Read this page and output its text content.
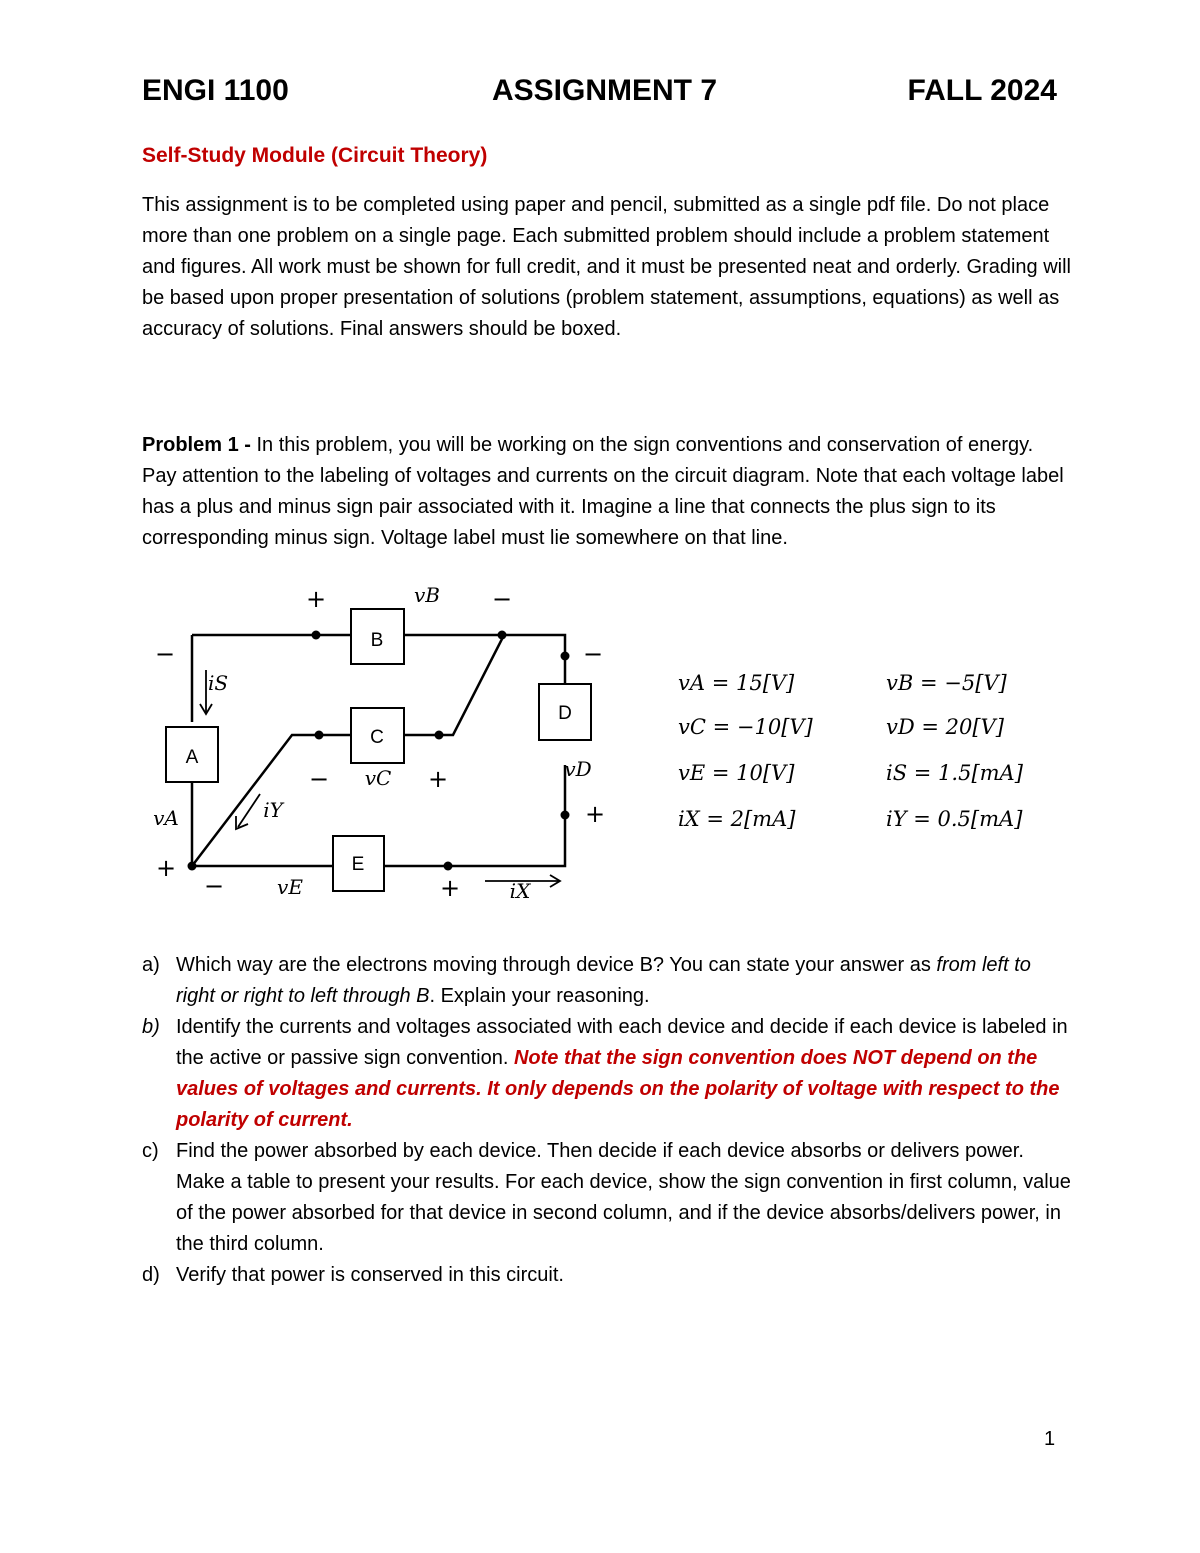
ENGI 1100	ASSIGNMENT 7	FALL 2024
Self-Study Module (Circuit Theory)
This assignment is to be completed using paper and pencil, submitted as a single pdf file. Do not place more than one problem on a single page. Each submitted problem should include a problem statement and figures. All work must be shown for full credit, and it must be presented neat and orderly. Grading will be based upon proper presentation of solutions (problem statement, assumptions, equations) as well as accuracy of solutions. Final answers should be boxed.
Problem 1 - In this problem, you will be working on the sign conventions and conservation of energy. Pay attention to the labeling of voltages and currents on the circuit diagram. Note that each voltage label has a plus and minus sign pair associated with it. Imagine a line that connects the plus sign to its corresponding minus sign. Voltage label must lie somewhere on that line.
A
B
C
D
E
vB
iS
vC	vD
vA	iY
vE	iX
+	−
−	−
−	+
+
+
−	+
vA = 15[V]	vB = −5[V]
vC = −10[V]	vD = 20[V]
vE = 10[V]	iS = 1.5[mA]
iX = 2[mA]	iY = 0.5[mA]
a) Which way are the electrons moving through device B? You can state your answer as from left to right or right to left through B. Explain your reasoning.
b) Identify the currents and voltages associated with each device and decide if each device is labeled in the active or passive sign convention. Note that the sign convention does NOT depend on the values of voltages and currents. It only depends on the polarity of voltage with respect to the polarity of current.
c) Find the power absorbed by each device. Then decide if each device absorbs or delivers power. Make a table to present your results. For each device, show the sign convention in first column, value of the power absorbed for that device in second column, and if the device absorbs/delivers power, in the third column.
d) Verify that power is conserved in this circuit.
1
